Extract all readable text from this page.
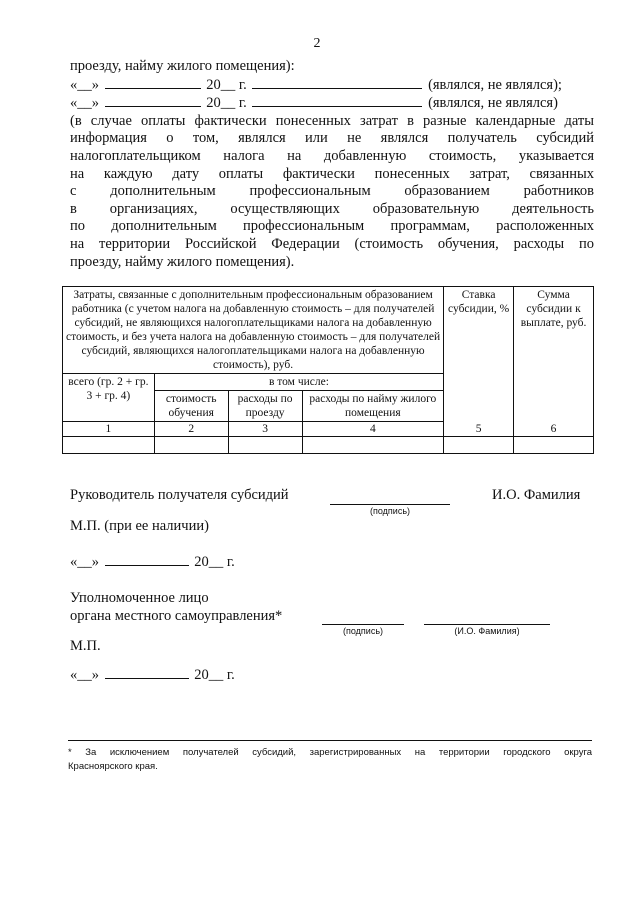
2
проезду, найму жилого помещения):
«__»	20__ г.	(являлся, не являлся);
«__»	20__ г.	(являлся, не являлся)
(в случае оплаты фактически понесенных затрат в разные календарные даты
информация о том, являлся или не являлся получатель субсидий
налогоплательщиком налога на добавленную стоимость, указывается
на каждую дату оплаты фактически понесенных затрат, связанных
с дополнительным профессиональным образованием работников
в организациях, осуществляющих образовательную деятельность
по дополнительным профессиональным программам, расположенных
на территории Российской Федерации (стоимость обучения, расходы по
проезду, найму жилого помещения).
Затраты, связанные с дополнительным профессиональным образованием работника (с учетом налога на добавленную стоимость – для получателей субсидий, не являющихся налогоплательщиками налога на добавленную стоимость, и без учета налога на добавленную стоимость – для получателей субсидий, являющихся налогоплательщиками налога на добавленную стоимость), руб.				Ставка субсидии, %	Сумма субсидии к выплате, руб.
всего (гр. 2 + гр. 3 + гр. 4)	в том числе:				
	стоимость обучения	расходы по проезду	расходы по найму жилого помещения		
1	2	3	4	5	6

Руководитель получателя субсидий
(подпись)
И.О. Фамилия
М.П. (при ее наличии)
«__»	20__ г.
Уполномоченное лицо
органа местного самоуправления*
(подпись)	(И.О. Фамилия)
М.П.
«__»	20__ г.
* За исключением получателей субсидий, зарегистрированных на территории городского округа
Красноярского края.
